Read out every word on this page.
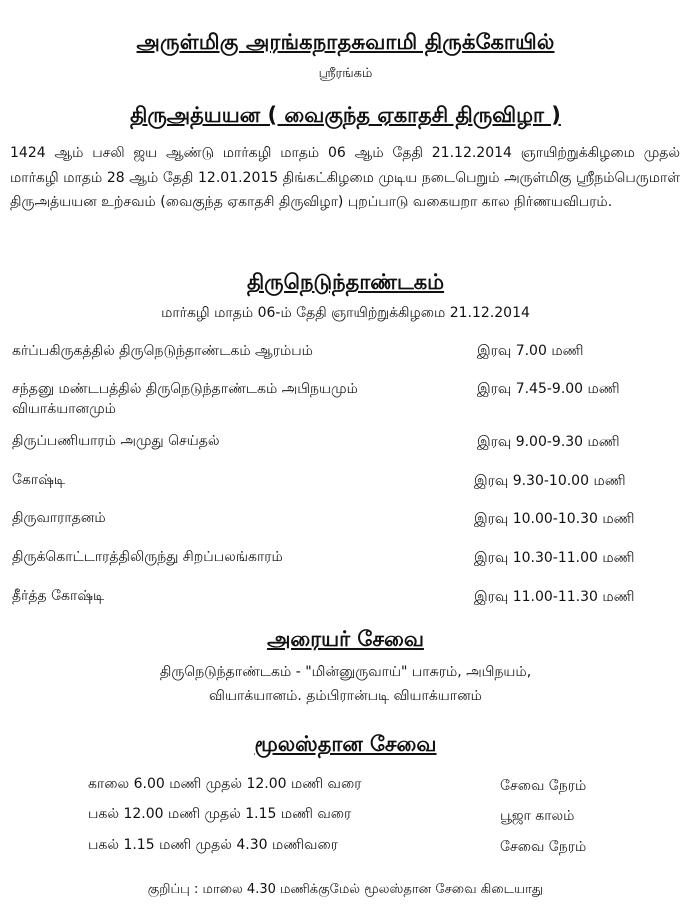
அருள்மிகு அரங்கநாதசுவாமி திருக்கோயில்
ஸ்ரீரங்கம்
திருஅத்யயன ( வைகுந்த ஏகாதசி திருவிழா )
1424 ஆம் பசலி ஜய ஆண்டு மார்கழி மாதம் 06 ஆம் தேதி 21.12.2014 ஞாயிற்றுக்கிழமை முதல் மார்கழி மாதம் 28 ஆம் தேதி 12.01.2015 திங்கட்கிழமை முடிய நடைபெறும் அருள்மிகு ஸ்ரீநம்பெருமாள் திருஅத்யயன உற்சவம் (வைகுந்த ஏகாதசி திருவிழா) புறப்பாடு வகையறா கால நிர்ணயவிபரம்.
திருநெடுந்தாண்டகம்
மார்கழி மாதம் 06-ம் தேதி ஞாயிற்றுக்கிழமை 21.12.2014
கர்ப்பகிருகத்தில் திருநெடுந்தாண்டகம் ஆரம்பம்	இரவு 7.00 மணி
சந்தனு மண்டபத்தில் திருநெடுந்தாண்டகம் அபிநயமும் வியாக்யானமும்
இரவு 7.45-9.00 மணி
திருப்பணியாரம் அமுது செய்தல்	இரவு 9.00-9.30 மணி
கோஷ்டி	இரவு 9.30-10.00 மணி
திருவாராதனம்	இரவு 10.00-10.30 மணி
திருக்கொட்டாரத்திலிருந்து சிறப்பலங்காரம்	இரவு 10.30-11.00 மணி
தீர்த்த கோஷ்டி	இரவு 11.00-11.30 மணி
அரையர் சேவை
திருநெடுந்தாண்டகம் - "மின்னுருவாய்" பாசுரம், அபிநயம்,
வியாக்யானம். தம்பிரான்படி வியாக்யானம்
மூலஸ்தான சேவை
காலை 6.00 மணி முதல் 12.00 மணி வரை	சேவை நேரம்
பகல் 12.00 மணி முதல் 1.15 மணி வரை	பூஜா காலம்
பகல் 1.15 மணி முதல் 4.30 மணிவரை	சேவை நேரம்
குறிப்பு : மாலை 4.30 மணிக்குமேல் மூலஸ்தான சேவை கிடையாது
